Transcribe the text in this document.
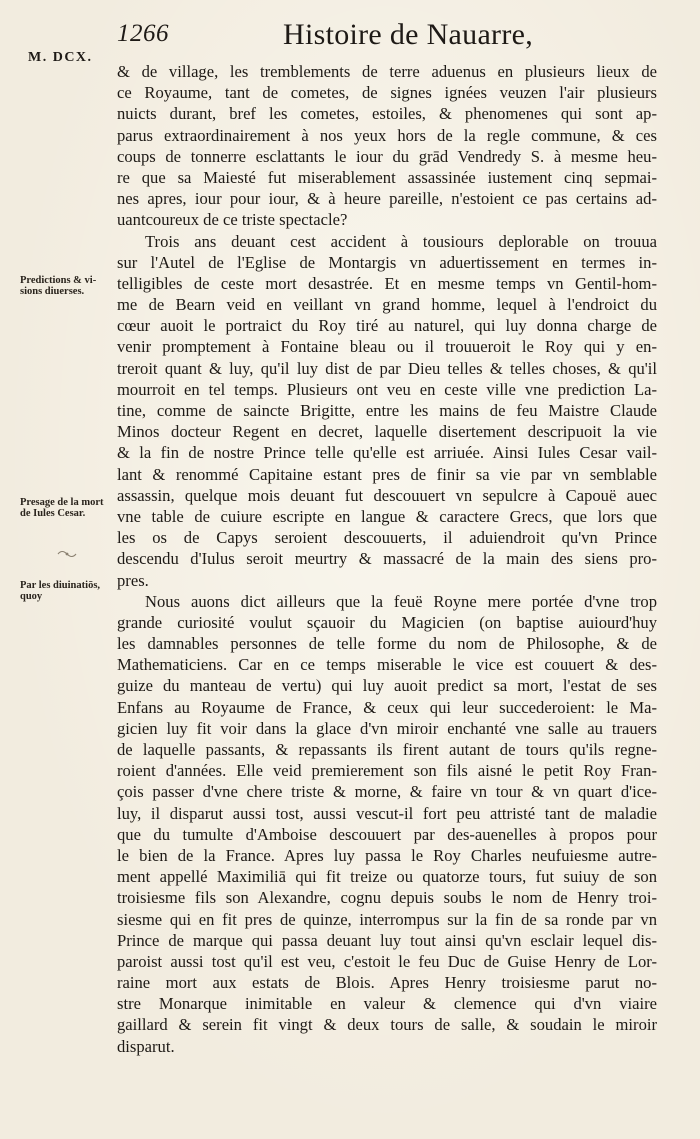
1266	Histoire de Nauarre,
M. DCX.
Predictions & vi-
sions diuerses.
Presage de la mort
de Iules Cesar.
Par les diuinatiōs,
quoy
& de village, les tremblements de terre aduenus en plusieurs lieux de
ce Royaume, tant de cometes, de signes ignées veuzen l'air plusieurs
nuicts durant, bref les cometes, estoiles, & phenomenes qui sont ap-
parus extraordinairement à nos yeux hors de la regle commune, & ces
coups de tonnerre esclattants le iour du grād Vendredy S. à mesme heu-
re que sa Maiesté fut miserablement assassinée iustement cinq sepmai-
nes apres, iour pour iour, & à heure pareille, n'estoient ce pas certains ad-
uantcoureux de ce triste spectacle?
Trois ans deuant cest accident à tousiours deplorable on trouua
sur l'Autel de l'Eglise de Montargis vn aduertissement en termes in-
telligibles de ceste mort desastrée. Et en mesme temps vn Gentil-hom-
me de Bearn veid en veillant vn grand homme, lequel à l'endroict du
cœur auoit le portraict du Roy tiré au naturel, qui luy donna charge de
venir promptement à Fontaine bleau ou il trouueroit le Roy qui y en-
treroit quant & luy, qu'il luy dist de par Dieu telles & telles choses, & qu'il
mourroit en tel temps. Plusieurs ont veu en ceste ville vne prediction La-
tine, comme de saincte Brigitte, entre les mains de feu Maistre Claude
Minos docteur Regent en decret, laquelle disertement descripuoit la vie
& la fin de nostre Prince telle qu'elle est arriuée. Ainsi Iules Cesar vail-
lant & renommé Capitaine estant pres de finir sa vie par vn semblable
assassin, quelque mois deuant fut descouuert vn sepulcre à Capouë auec
vne table de cuiure escripte en langue & caractere Grecs, que lors que
les os de Capys seroient descouuerts, il aduiendroit qu'vn Prince
descendu d'Iulus seroit meurtry & massacré de la main des siens pro-
pres.
Nous auons dict ailleurs que la feuë Royne mere portée d'vne trop
grande curiosité voulut sçauoir du Magicien (on baptise auiourd'huy
les damnables personnes de telle forme du nom de Philosophe, & de
Mathematiciens. Car en ce temps miserable le vice est couuert & des-
guize du manteau de vertu) qui luy auoit predict sa mort, l'estat de ses
Enfans au Royaume de France, & ceux qui leur succederoient: le Ma-
gicien luy fit voir dans la glace d'vn miroir enchanté vne salle au trauers
de laquelle passants, & repassants ils firent autant de tours qu'ils regne-
roient d'années. Elle veid premierement son fils aisné le petit Roy Fran-
çois passer d'vne chere triste & morne, & faire vn tour & vn quart d'ice-
luy, il disparut aussi tost, aussi vescut-il fort peu attristé tant de maladie
que du tumulte d'Amboise descouuert par des-auenelles à propos pour
le bien de la France. Apres luy passa le Roy Charles neufuiesme autre-
ment appellé Maximiliā qui fit treize ou quatorze tours, fut suiuy de son
troisiesme fils son Alexandre, cognu depuis soubs le nom de Henry troi-
siesme qui en fit pres de quinze, interrompus sur la fin de sa ronde par vn
Prince de marque qui passa deuant luy tout ainsi qu'vn esclair lequel dis-
paroist aussi tost qu'il est veu, c'estoit le feu Duc de Guise Henry de Lor-
raine mort aux estats de Blois. Apres Henry troisiesme parut no-
stre Monarque inimitable en valeur & clemence qui d'vn viaire
gaillard & serein fit vingt & deux tours de salle, & soudain le miroir
disparut.
